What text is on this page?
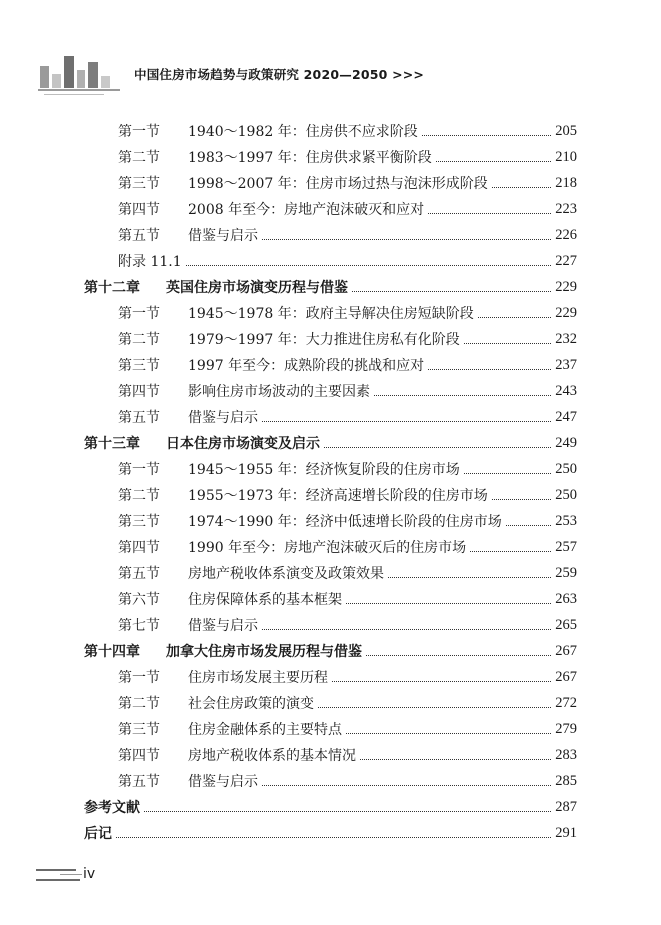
中国住房市场趋势与政策研究 2020—2050 >>>
第一节 1940～1982 年：住房供不应求阶段	205
第二节 1983～1997 年：住房供求紧平衡阶段	210
第三节 1998～2007 年：住房市场过热与泡沫形成阶段	218
第四节 2008 年至今：房地产泡沫破灭和应对	223
第五节 借鉴与启示	226
附录 11.1	227
第十二章 英国住房市场演变历程与借鉴	229
第一节 1945～1978 年：政府主导解决住房短缺阶段	229
第二节 1979～1997 年：大力推进住房私有化阶段	232
第三节 1997 年至今：成熟阶段的挑战和应对	237
第四节 影响住房市场波动的主要因素	243
第五节 借鉴与启示	247
第十三章 日本住房市场演变及启示	249
第一节 1945～1955 年：经济恢复阶段的住房市场	250
第二节 1955～1973 年：经济高速增长阶段的住房市场	250
第三节 1974～1990 年：经济中低速增长阶段的住房市场	253
第四节 1990 年至今：房地产泡沫破灭后的住房市场	257
第五节 房地产税收体系演变及政策效果	259
第六节 住房保障体系的基本框架	263
第七节 借鉴与启示	265
第十四章 加拿大住房市场发展历程与借鉴	267
第一节 住房市场发展主要历程	267
第二节 社会住房政策的演变	272
第三节 住房金融体系的主要特点	279
第四节 房地产税收体系的基本情况	283
第五节 借鉴与启示	285
参考文献	287
后记	291
iv
